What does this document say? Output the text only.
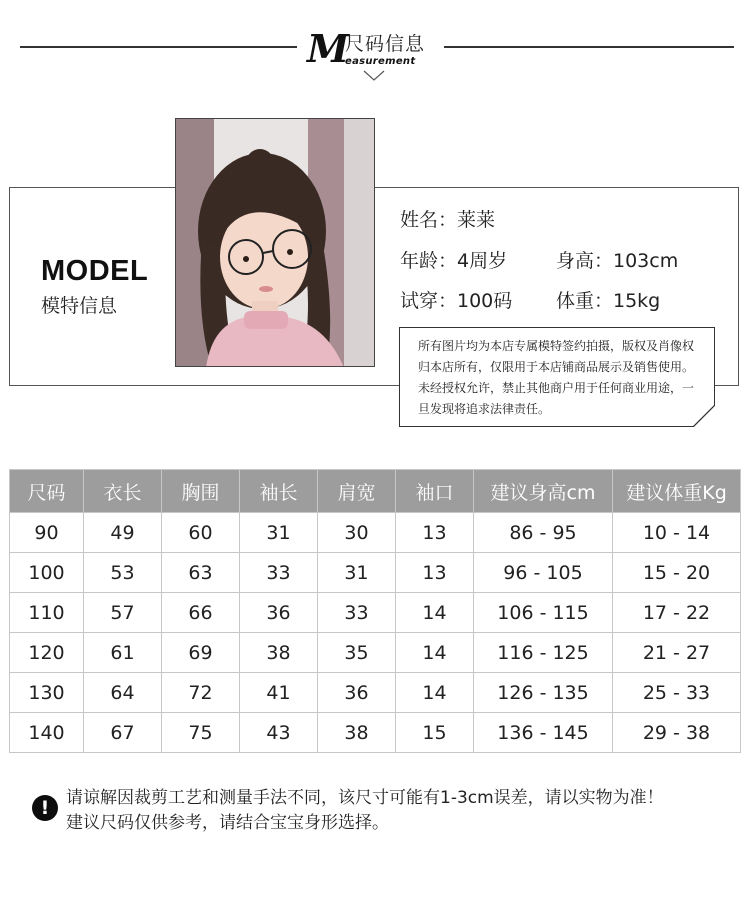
M
尺码信息
easurement
MODEL
模特信息
姓名：莱莱
年龄：4周岁	身高：103cm
试穿：100码 体重：15kg
所有图片均为本店专属模特签约拍摄，版权及肖像权归本店所有，仅限用于本店铺商品展示及销售使用。未经授权允许，禁止其他商户用于任何商业用途，一旦发现将追求法律责任。
尺码	衣长	胸围	袖长	肩宽	袖口	建议身高cm	建议体重Kg
90	49	60	31	30	13	86 - 95	10 - 14
100	53	63	33	31	13	96 - 105	15 - 20
110	57	66	36	33	14	106 - 115	17 - 22
120	61	69	38	35	14	116 - 125	21 - 27
130	64	72	41	36	14	126 - 135	25 - 33
140	67	75	43	38	15	136 - 145	29 - 38
! 请谅解因裁剪工艺和测量手法不同，该尺寸可能有1-3cm误差，请以实物为准！
建议尺码仅供参考，请结合宝宝身形选择。
